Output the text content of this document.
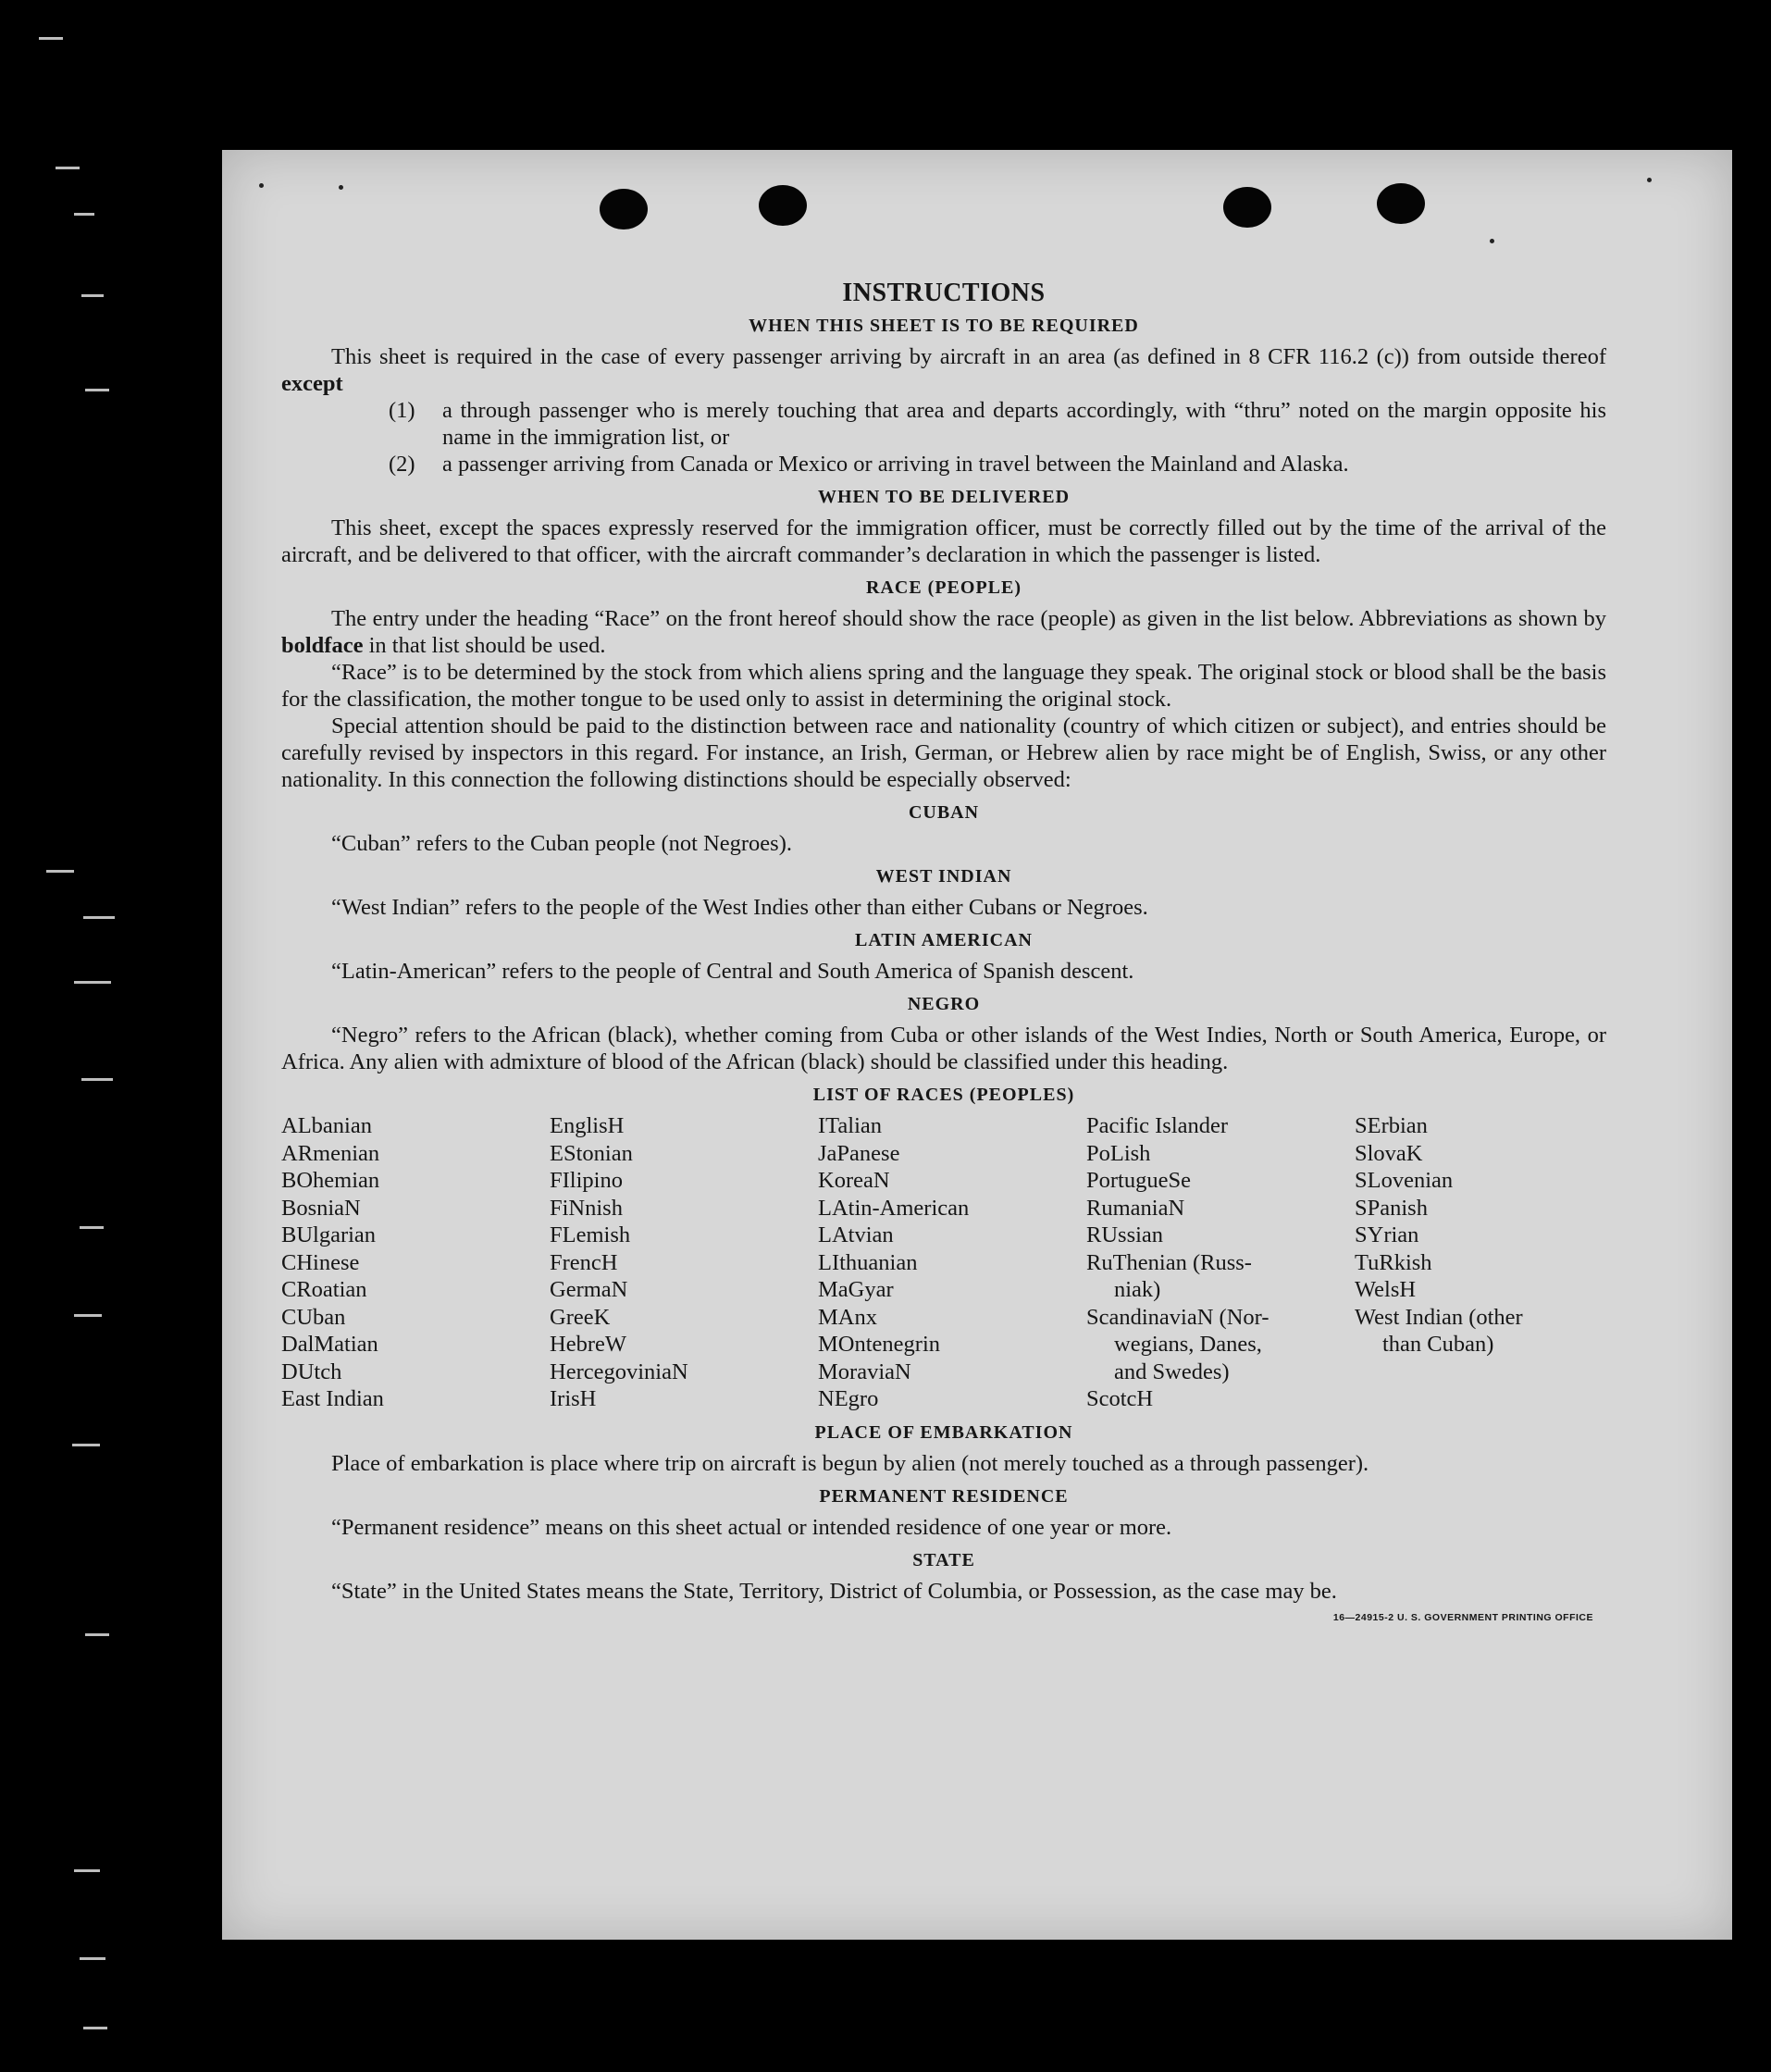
INSTRUCTIONS
WHEN THIS SHEET IS TO BE REQUIRED

This sheet is required in the case of every passenger arriving by aircraft in an area (as defined in 8 CFR 116.2 (c)) from outside thereof except

(1)	a through passenger who is merely touching that area and departs accordingly, with “thru” noted on the margin opposite his name in the immigration list, or
(2)	a passenger arriving from Canada or Mexico or arriving in travel between the Mainland and Alaska.
WHEN TO BE DELIVERED

This sheet, except the spaces expressly reserved for the immigration officer, must be correctly filled out by the time of the arrival of the aircraft, and be delivered to that officer, with the aircraft commander’s declaration in which the passenger is listed.

RACE (PEOPLE)

The entry under the heading “Race” on the front hereof should show the race (people) as given in the list below. Abbreviations as shown by boldface in that list should be used.

“Race” is to be determined by the stock from which aliens spring and the language they speak. The original stock or blood shall be the basis for the classification, the mother tongue to be used only to assist in determining the original stock.

Special attention should be paid to the distinction between race and nationality (country of which citizen or subject), and entries should be carefully revised by inspectors in this regard. For instance, an Irish, German, or Hebrew alien by race might be of English, Swiss, or any other nationality. In this connection the following distinctions should be especially observed:

CUBAN

“Cuban” refers to the Cuban people (not Negroes).

WEST INDIAN

“West Indian” refers to the people of the West Indies other than either Cubans or Negroes.

LATIN AMERICAN

“Latin-American” refers to the people of Central and South America of Spanish descent.

NEGRO

“Negro” refers to the African (black), whether coming from Cuba or other islands of the West Indies, North or South America, Europe, or Africa. Any alien with admixture of blood of the African (black) should be classified under this heading.

LIST OF RACES (PEOPLES)
ALbanian
ARmenian
BOhemian
BosniaN
BUlgarian
CHinese
CRoatian
CUban
DalMatian
DUtch
East Indian
EnglisH
EStonian
FIlipino
FiNnish
FLemish
FrencH
GermaN
GreeK
HebreW
HercegoviniaN
IrisH
ITalian
JaPanese
KoreaN
LAtin-American
LAtvian
LIthuanian
MaGyar
MAnx
MOntenegrin
MoraviaN
NEgro
Pacific Islander
PoLish
PortugueSe
RumaniaN
RUssian
RuThenian (Russ-
niak)
ScandinaviaN (Nor-
wegians, Danes,
and Swedes)
ScotcH
SErbian
SlovaK
SLovenian
SPanish
SYrian
TuRkish
WelsH
West Indian (other
than Cuban)
PLACE OF EMBARKATION

Place of embarkation is place where trip on aircraft is begun by alien (not merely touched as a through passenger).

PERMANENT RESIDENCE

“Permanent residence” means on this sheet actual or intended residence of one year or more.

STATE

“State” in the United States means the State, Territory, District of Columbia, or Possession, as the case may be.

16—24915-2 U. S. GOVERNMENT PRINTING OFFICE
